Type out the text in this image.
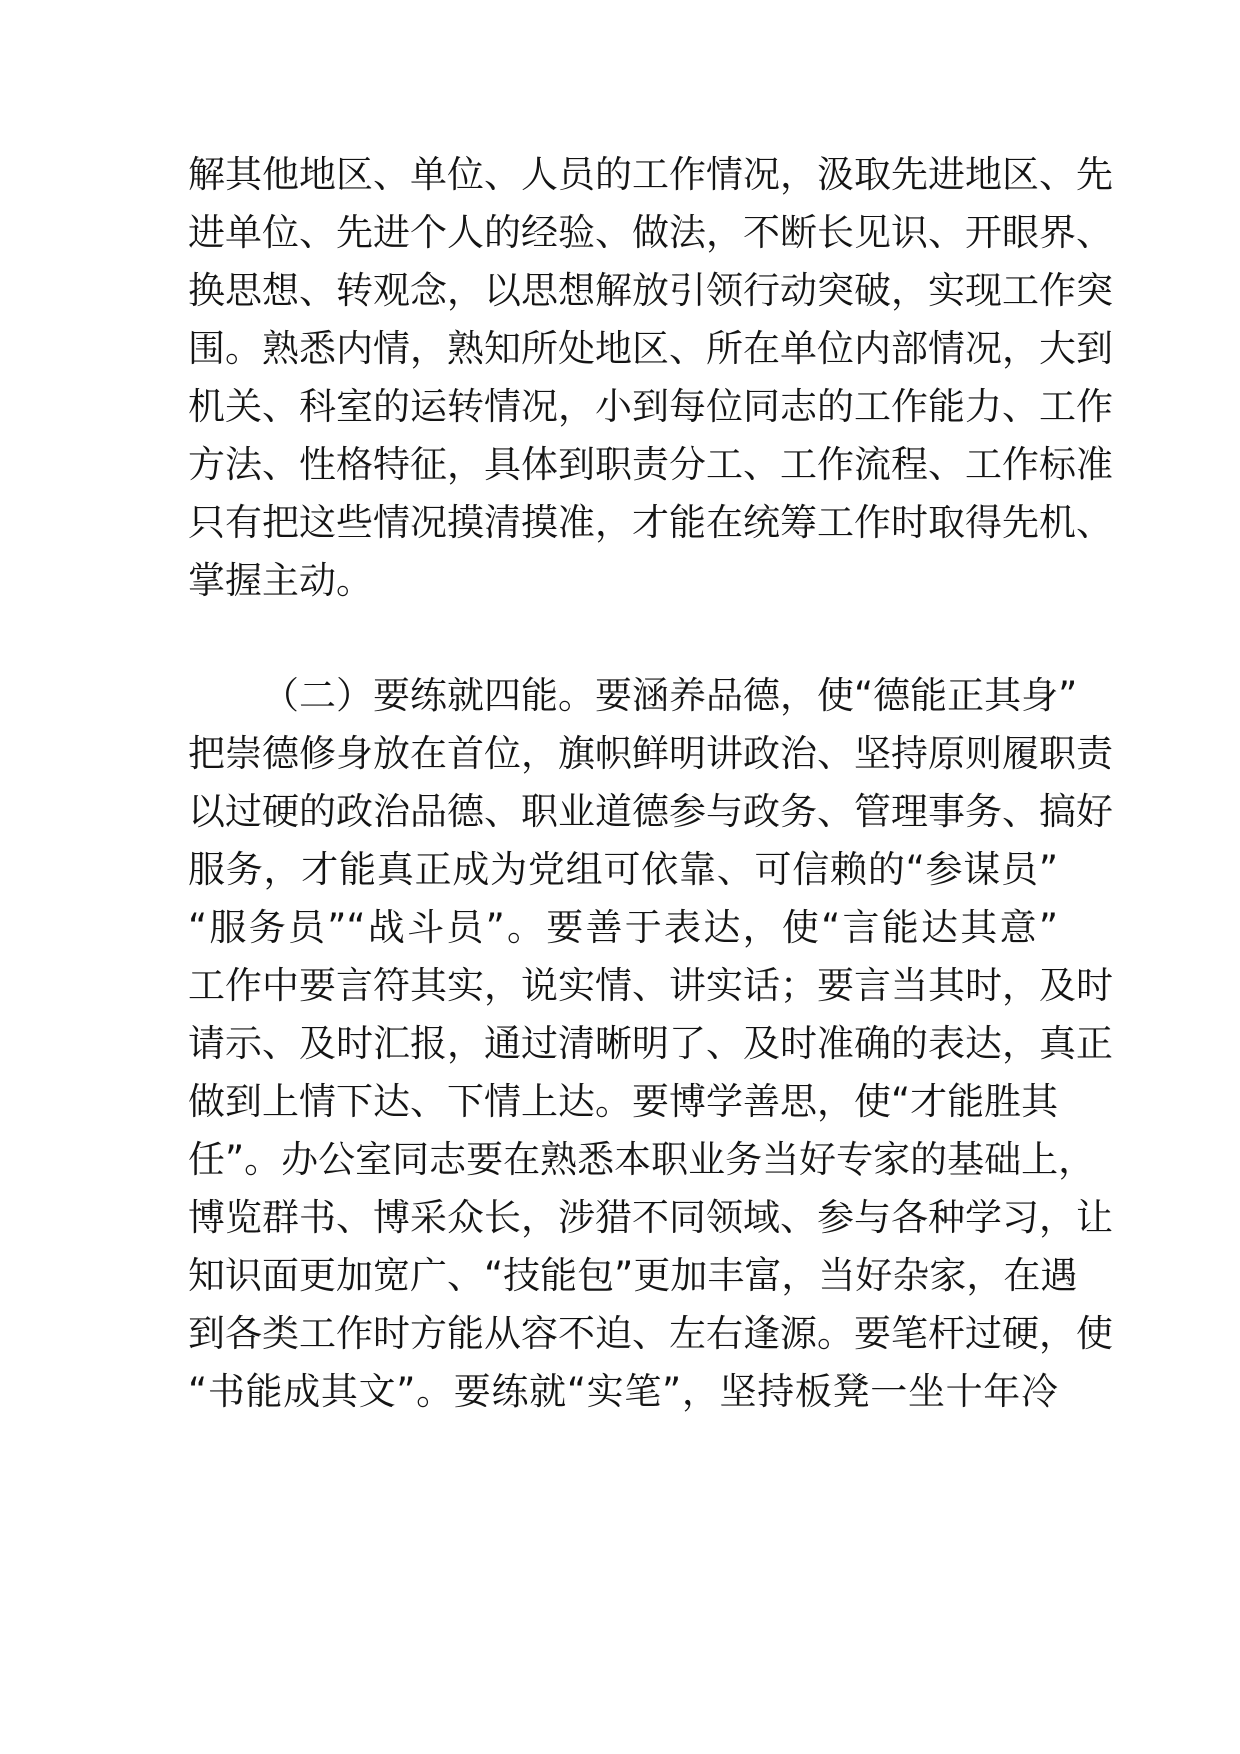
解其他地区、单位、人员的工作情况，汲取先进地区、先
进单位、先进个人的经验、做法，不断长见识、开眼界、
换思想、转观念，以思想解放引领行动突破，实现工作突
围。熟悉内情，熟知所处地区、所在单位内部情况，大到
机关、科室的运转情况，小到每位同志的工作能力、工作
方法、性格特征，具体到职责分工、工作流程、工作标准
只有把这些情况摸清摸准，才能在统筹工作时取得先机、
掌握主动。
（二）要练就四能。要涵养品德，使“德能正其身”
把崇德修身放在首位，旗帜鲜明讲政治、坚持原则履职责
以过硬的政治品德、职业道德参与政务、管理事务、搞好
服务，才能真正成为党组可依靠、可信赖的“参谋员”
“服务员”“战斗员”。要善于表达，使“言能达其意”
工作中要言符其实，说实情、讲实话；要言当其时，及时
请示、及时汇报，通过清晰明了、及时准确的表达，真正
做到上情下达、下情上达。要博学善思，使“才能胜其
任”。办公室同志要在熟悉本职业务当好专家的基础上，
博览群书、博采众长，涉猎不同领域、参与各种学习，让
知识面更加宽广、“技能包”更加丰富，当好杂家，在遇
到各类工作时方能从容不迫、左右逢源。要笔杆过硬，使
“书能成其文”。要练就“实笔”，坚持板凳一坐十年冷
